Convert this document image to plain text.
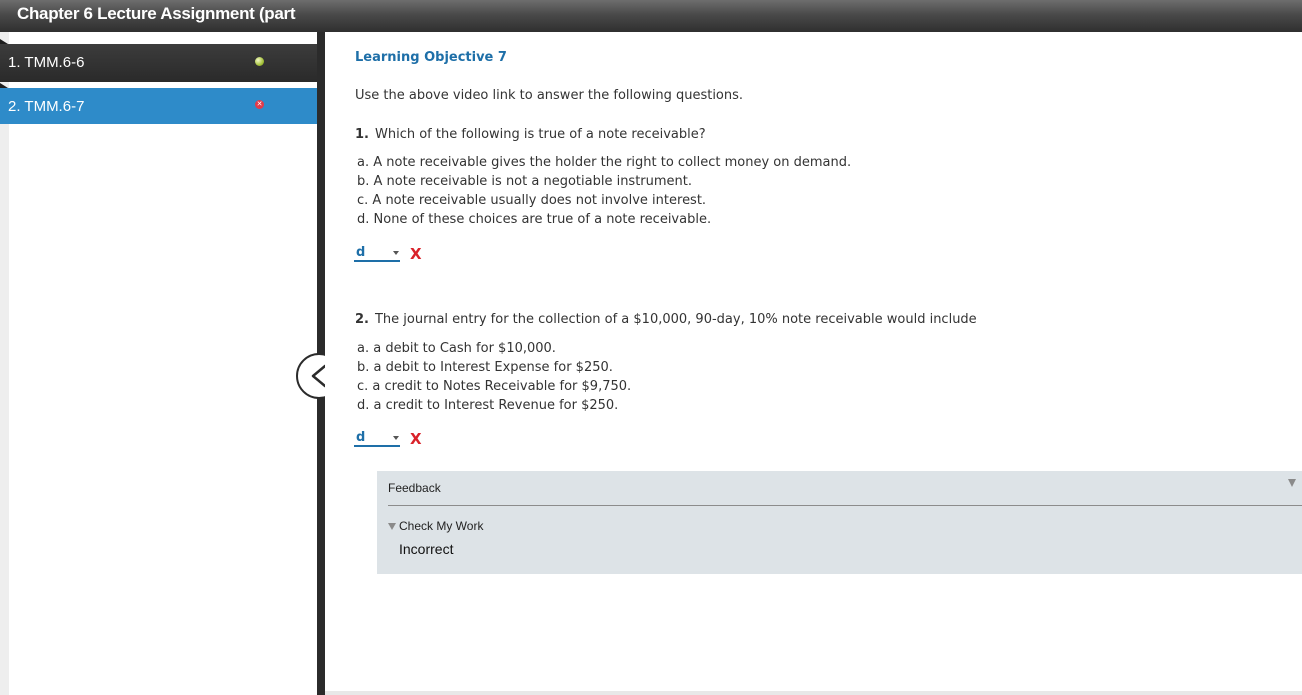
Chapter 6 Lecture Assignment (part
1. TMM.6-6
2. TMM.6-7	✕
Learning Objective 7
Use the above video link to answer the following questions.
1. Which of the following is true of a note receivable?
a. A note receivable gives the holder the right to collect money on demand.
b. A note receivable is not a negotiable instrument.
c. A note receivable usually does not involve interest.
d. None of these choices are true of a note receivable.
d	X
2. The journal entry for the collection of a $10,000, 90-day, 10% note receivable would include
a. a debit to Cash for $10,000.
b. a debit to Interest Expense for $250.
c. a credit to Notes Receivable for $9,750.
d. a credit to Interest Revenue for $250.
d	X
Feedback
Check My Work
Incorrect
